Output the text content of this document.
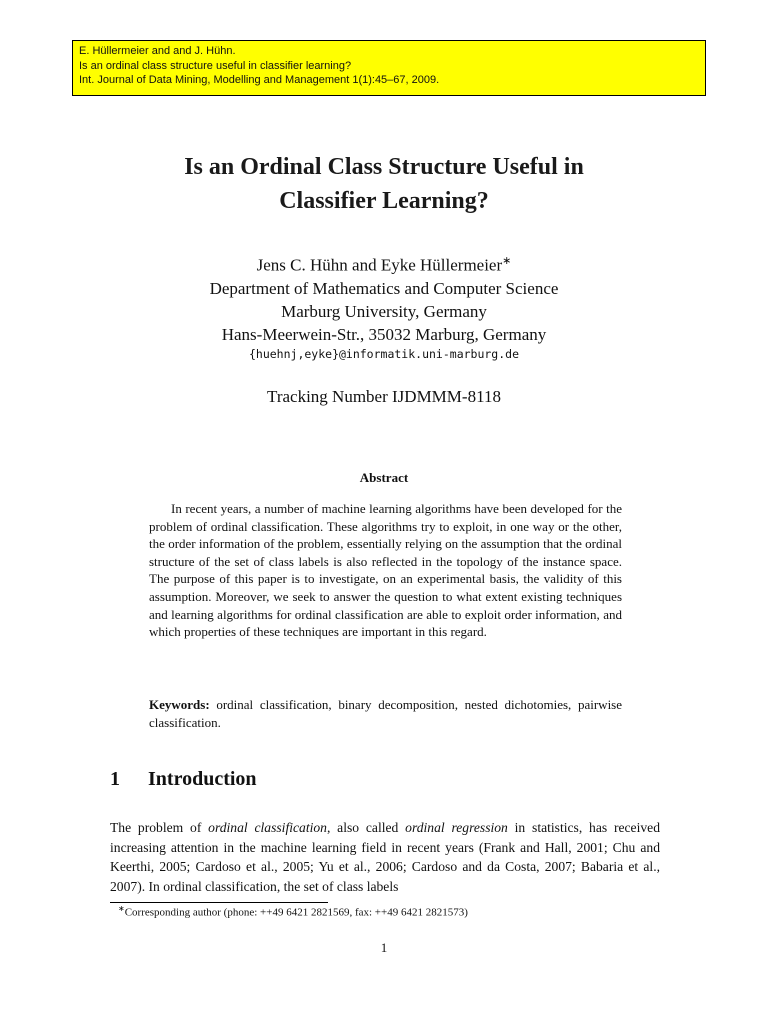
E. Hüllermeier and and J. Hühn.
Is an ordinal class structure useful in classifier learning?
Int. Journal of Data Mining, Modelling and Management 1(1):45–67, 2009.
Is an Ordinal Class Structure Useful in
Classifier Learning?
Jens C. Hühn and Eyke Hüllermeier∗
Department of Mathematics and Computer Science
Marburg University, Germany
Hans-Meerwein-Str., 35032 Marburg, Germany
{huehnj,eyke}@informatik.uni-marburg.de
Tracking Number IJDMMM-8118
Abstract

In recent years, a number of machine learning algorithms have been developed for the problem of ordinal classification. These algorithms try to exploit, in one way or the other, the order information of the problem, essentially relying on the assumption that the ordinal structure of the set of class labels is also reflected in the topology of the instance space. The purpose of this paper is to investigate, on an experimental basis, the validity of this assumption. Moreover, we seek to answer the question to what extent existing techniques and learning algorithms for ordinal classification are able to exploit order information, and which properties of these techniques are important in this regard.

Keywords: ordinal classification, binary decomposition, nested dichotomies, pairwise classification.

1 Introduction

The problem of ordinal classification, also called ordinal regression in statistics, has received increasing attention in the machine learning field in recent years (Frank and Hall, 2001; Chu and Keerthi, 2005; Cardoso et al., 2005; Yu et al., 2006; Cardoso and da Costa, 2007; Babaria et al., 2007). In ordinal classification, the set of class labels

∗Corresponding author (phone: ++49 6421 2821569, fax: ++49 6421 2821573)
1
